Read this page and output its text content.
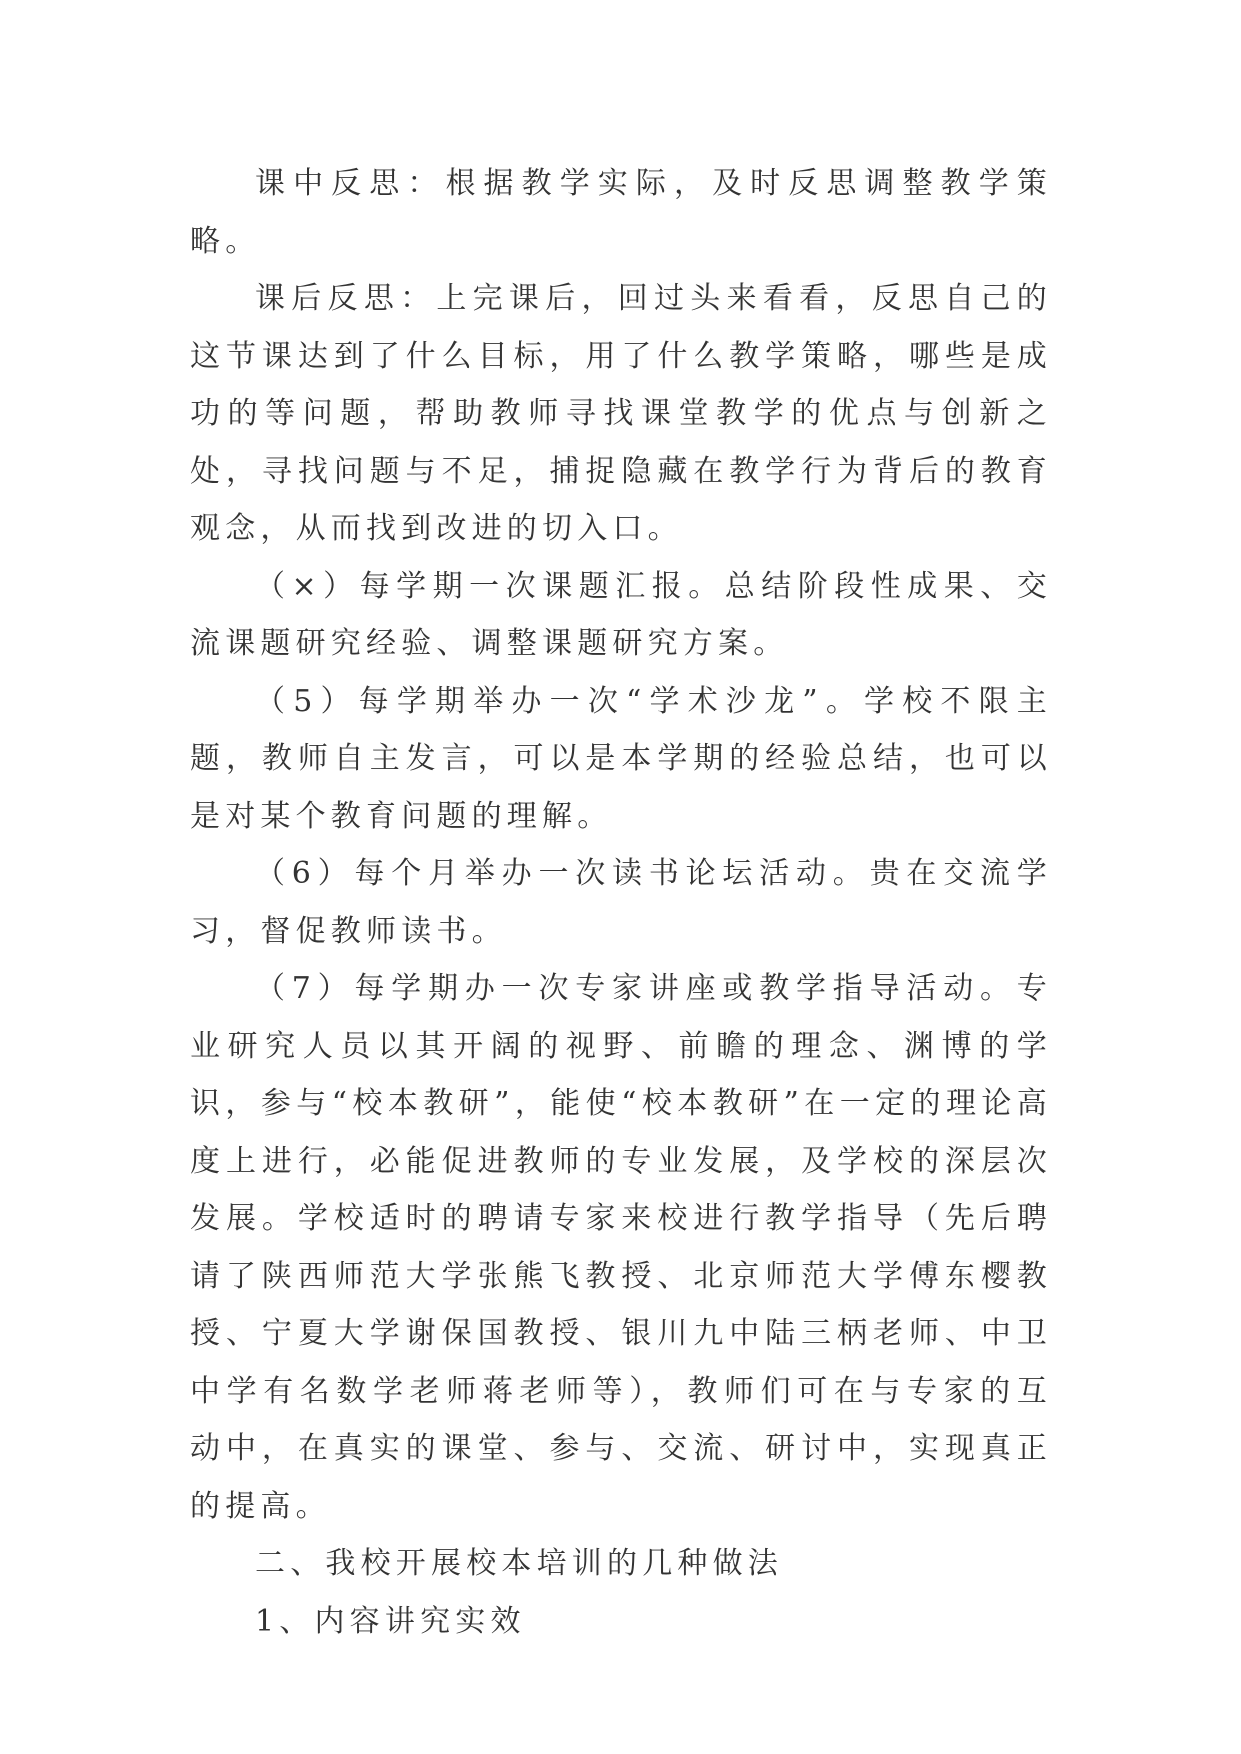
课中反思：根据教学实际，及时反思调整教学策略。

课后反思：上完课后，回过头来看看，反思自己的这节课达到了什么目标，用了什么教学策略，哪些是成功的等问题，帮助教师寻找课堂教学的优点与创新之处，寻找问题与不足，捕捉隐藏在教学行为背后的教育观念，从而找到改进的切入口。

（×）每学期一次课题汇报。总结阶段性成果、交流课题研究经验、调整课题研究方案。

（5）每学期举办一次“学术沙龙”。学校不限主题，教师自主发言，可以是本学期的经验总结，也可以是对某个教育问题的理解。

（6）每个月举办一次读书论坛活动。贵在交流学习，督促教师读书。

（7）每学期办一次专家讲座或教学指导活动。专业研究人员以其开阔的视野、前瞻的理念、渊博的学识，参与“校本教研”，能使“校本教研”在一定的理论高度上进行，必能促进教师的专业发展，及学校的深层次发展。学校适时的聘请专家来校进行教学指导（先后聘请了陕西师范大学张熊飞教授、北京师范大学傅东樱教授、宁夏大学谢保国教授、银川九中陆三柄老师、中卫中学有名数学老师蒋老师等），教师们可在与专家的互动中，在真实的课堂、参与、交流、研讨中，实现真正的提高。

二、我校开展校本培训的几种做法

1、内容讲究实效
